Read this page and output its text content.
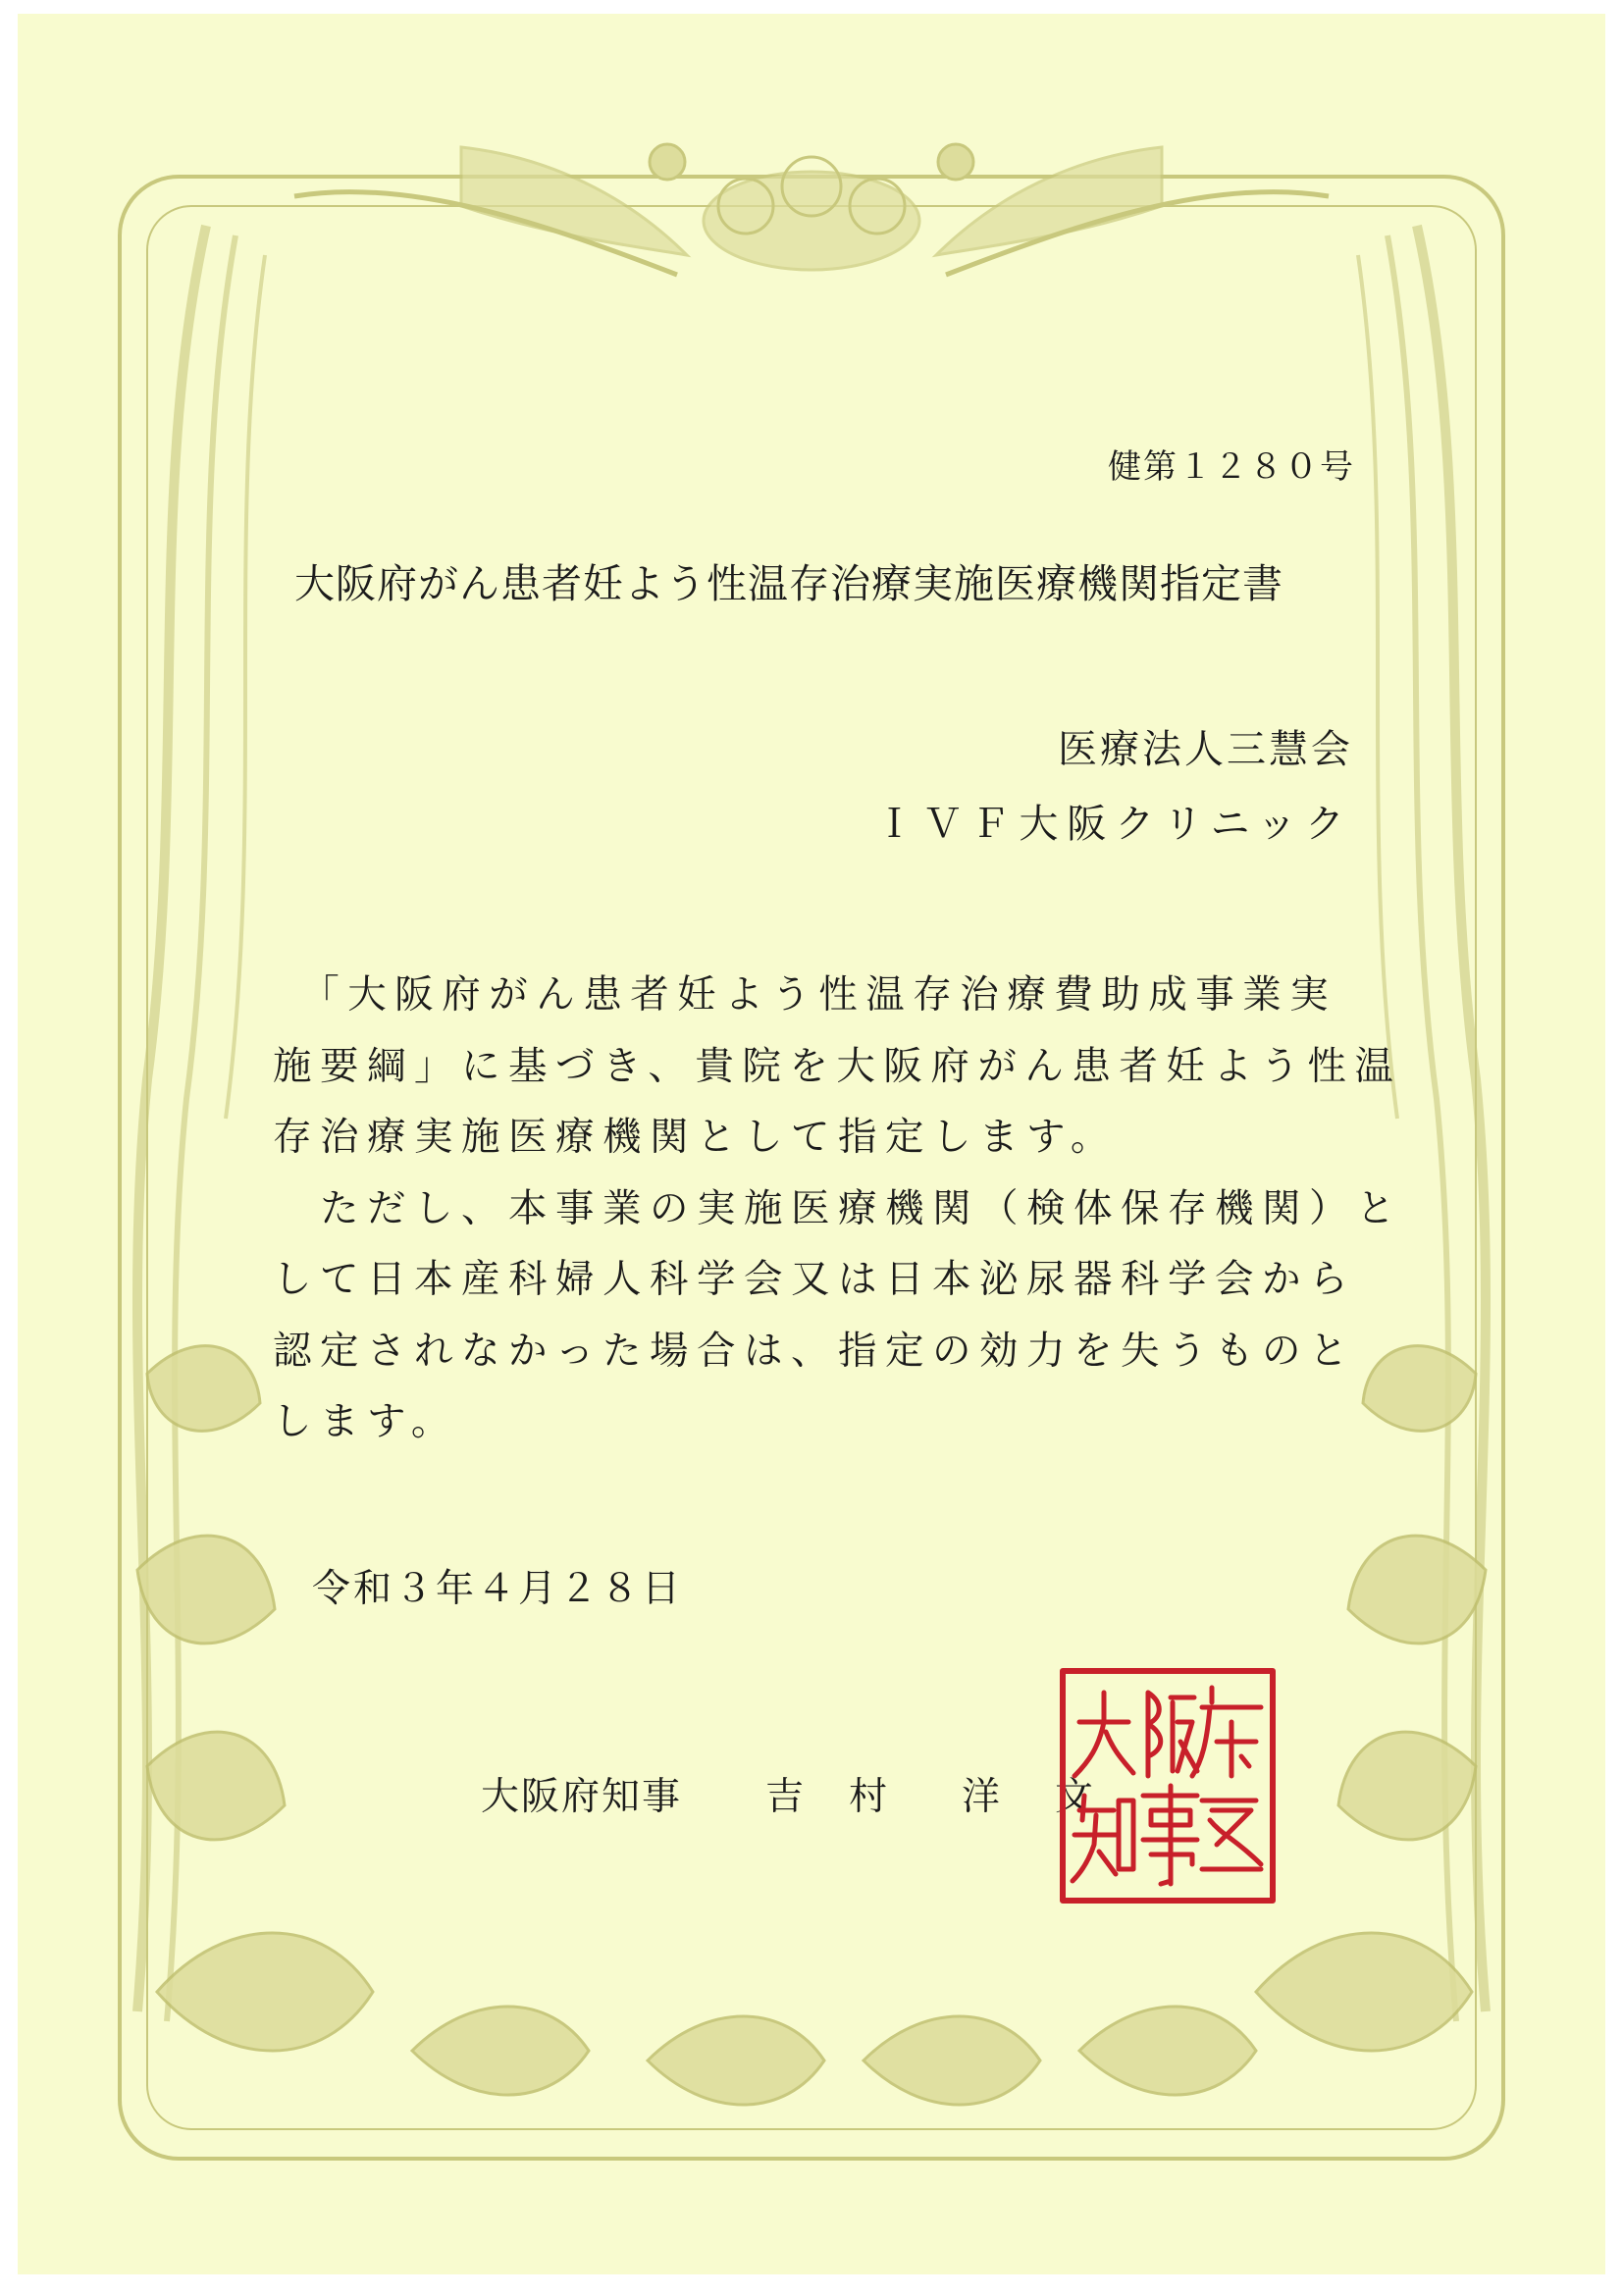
健第１２８０号

大阪府がん患者妊よう性温存治療実施医療機関指定書

医療法人三慧会

ＩＶＦ大阪クリニック

　「大阪府がん患者妊よう性温存治療費助成事業実
施要綱」に基づき、貴院を大阪府がん患者妊よう性温
存治療実施医療機関として指定します。
　ただし、本事業の実施医療機関（検体保存機関）と
して日本産科婦人科学会又は日本泌尿器科学会から
認定されなかった場合は、指定の効力を失うものと
します。

令和３年４月２８日

大阪府知事 吉 村 洋 文
